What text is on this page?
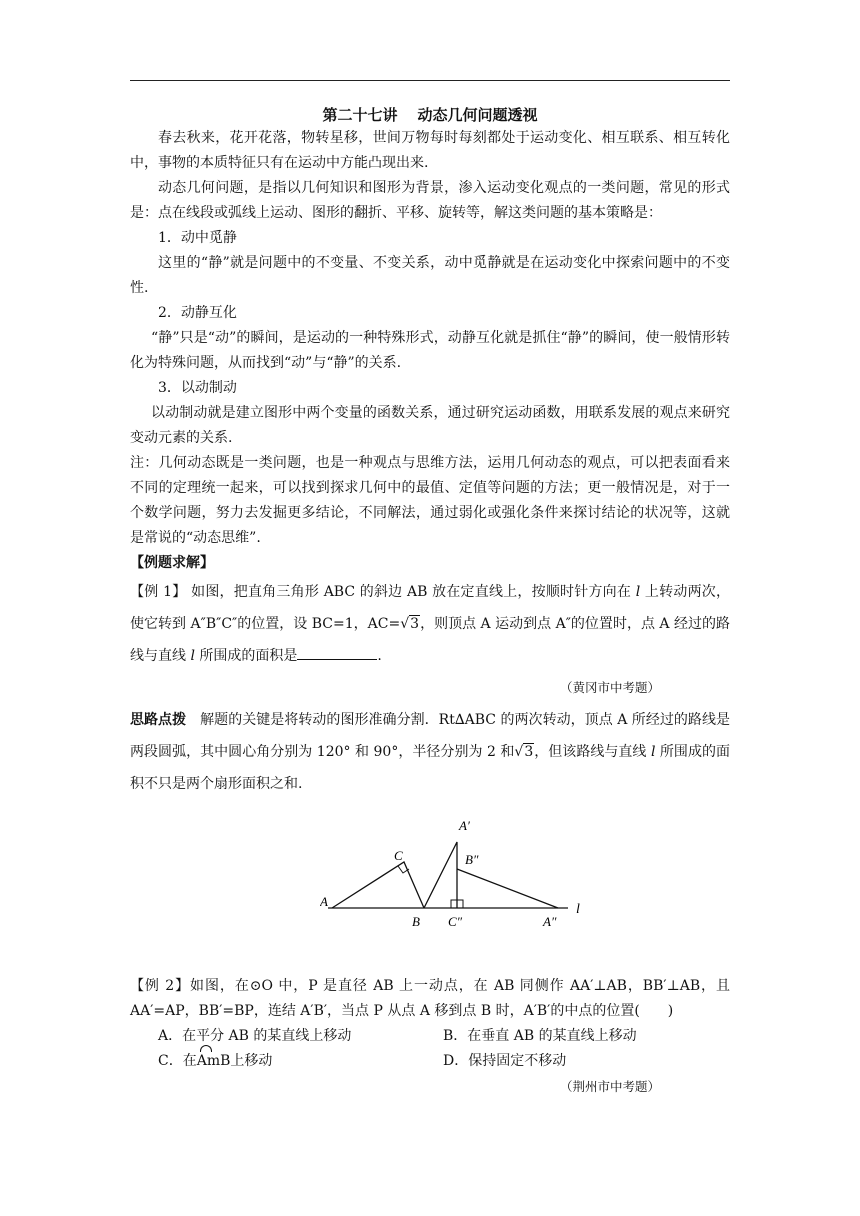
第二十七讲 动态几何问题透视

春去秋来，花开花落，物转星移，世间万物每时每刻都处于运动变化、相互联系、相互转化中，事物的本质特征只有在运动中方能凸现出来.

动态几何问题，是指以几何知识和图形为背景，渗入运动变化观点的一类问题，常见的形式是：点在线段或弧线上运动、图形的翻折、平移、旋转等，解这类问题的基本策略是：

1．动中觅静

这里的“静”就是问题中的不变量、不变关系，动中觅静就是在运动变化中探索问题中的不变性.

2．动静互化

“静”只是“动”的瞬间，是运动的一种特殊形式，动静互化就是抓住“静”的瞬间，使一般情形转化为特殊问题，从而找到“动”与“静”的关系.

3．以动制动

以动制动就是建立图形中两个变量的函数关系，通过研究运动函数，用联系发展的观点来研究变动元素的关系.

注：几何动态既是一类问题，也是一种观点与思维方法，运用几何动态的观点，可以把表面看来不同的定理统一起来，可以找到探求几何中的最值、定值等问题的方法；更一般情况是，对于一个数学问题，努力去发掘更多结论，不同解法，通过弱化或强化条件来探讨结论的状况等，这就是常说的“动态思维”.

【例题求解】

【例 1】 如图，把直角三角形 ABC 的斜边 AB 放在定直线上，按顺时针方向在 l 上转动两次，使它转到 A″B″C″的位置，设 BC=1，AC=√3，则顶点 A 运动到点 A″的位置时，点 A 经过的路线与直线 l 所围成的面积是	.

（黄冈市中考题）

思路点拨　解题的关键是将转动的图形准确分割．Rt∆ABC 的两次转动，顶点 A 所经过的路线是两段圆弧，其中圆心角分别为 120° 和 90°，半径分别为 2 和√3，但该路线与直线 l 所围成的面积不只是两个扇形面积之和.

A
C
B
A′
B″
C″	A″
l

【例 2】如图，在⊙O 中，P 是直径 AB 上一动点，在 AB 同侧作 AA′⊥AB，BB′⊥AB，且 AA′=AP，BB′=BP，连结 A′B′，当点 P 从点 A 移到点 B 时，A′B′的中点的位置(　　)

A．在平分 AB 的某直线上移动	B．在垂直 AB 的某直线上移动
C．在AmB上移动	D．保持固定不移动

（荆州市中考题）
